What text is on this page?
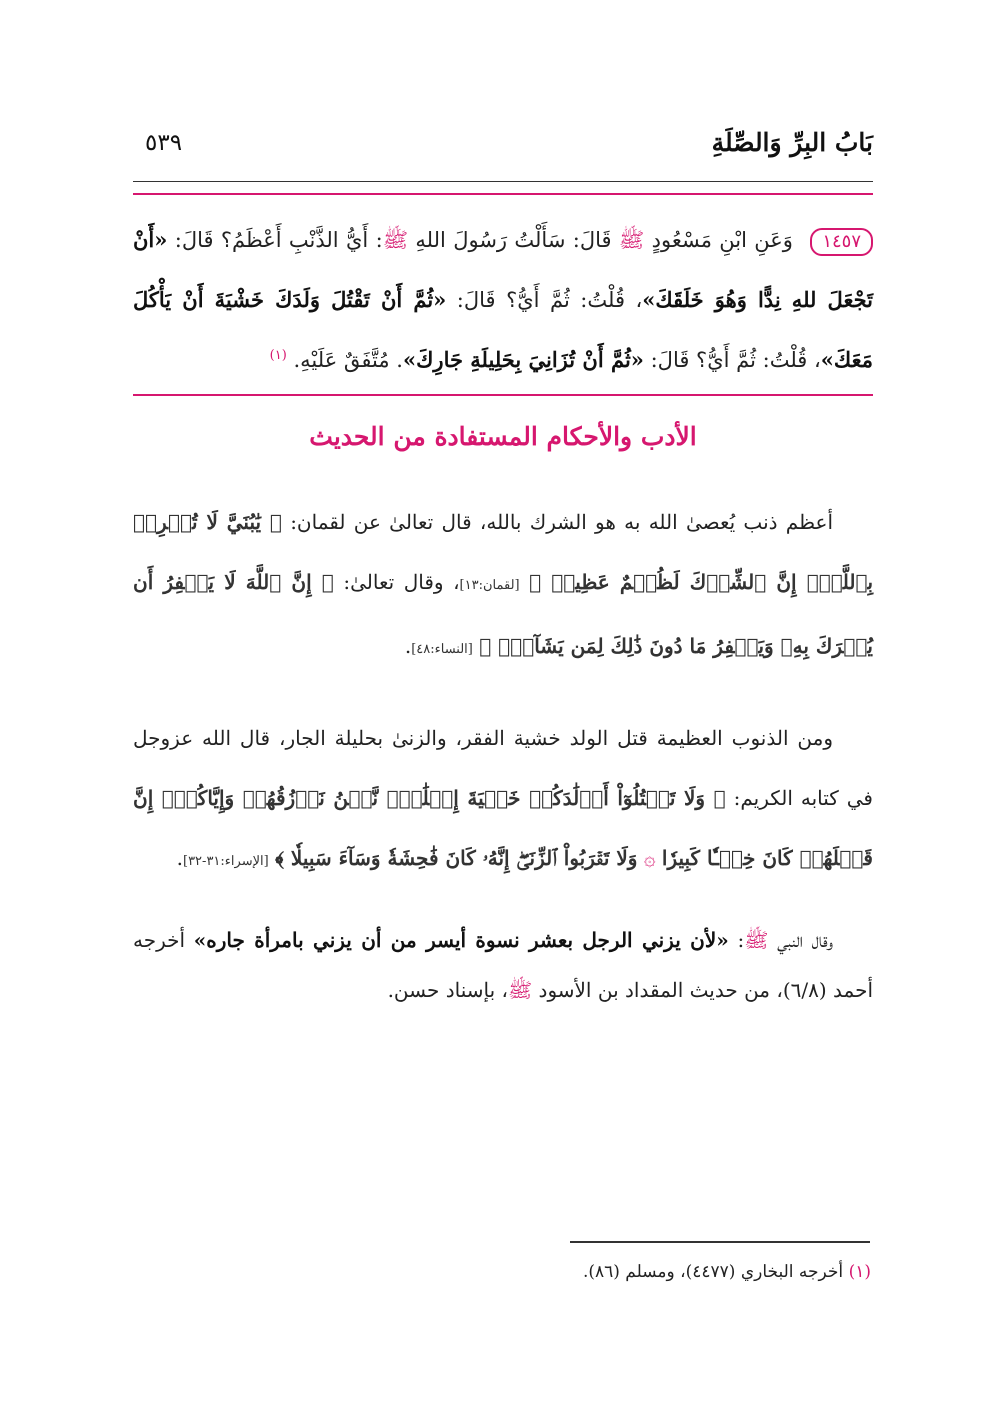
بَابُ البِرِّ وَالصِّلَةِ
٥٣٩
١٤٥٧ وَعَنِ ابْنِ مَسْعُودٍ ﷺ قَالَ: سَأَلْتُ رَسُولَ اللهِ ﷺ: أَيُّ الذَّنْبِ أَعْظَمُ؟ قَالَ: «أَنْ تَجْعَلَ للهِ نِدًّا وَهُوَ خَلَقَكَ»، قُلْتُ: ثُمَّ أَيُّ؟ قَالَ: «ثُمَّ أَنْ تَقْتُلَ وَلَدَكَ خَشْيَةَ أَنْ يَأْكُلَ مَعَكَ»، قُلْتُ: ثُمَّ أَيُّ؟ قَالَ: «ثُمَّ أَنْ تُزَانِيَ بِحَلِيلَةِ جَارِكَ». مُتَّفَقٌ عَلَيْهِ. $^{(١)}$
الأدب والأحكام المستفادة من الحديث
أعظم ذنب يُعصىٰ الله به هو الشرك بالله، قال تعالىٰ عن لقمان: ﴿ يَٰبُنَيَّ لَا تُشۡرِكۡ بِٱللَّهِۖ إِنَّ ٱلشِّرۡكَ لَظُلۡمٌ عَظِيمٞ ﴾ [لقمان:١٣]، وقال تعالىٰ: ﴿ إِنَّ ٱللَّهَ لَا يَغۡفِرُ أَن يُشۡرَكَ بِهِۦ وَيَغۡفِرُ مَا دُونَ ذَٰلِكَ لِمَن يَشَآءُۚ ﴾ [النساء:٤٨].
ومن الذنوب العظيمة قتل الولد خشية الفقر، والزنىٰ بحليلة الجار، قال الله عزوجل في كتابه الكريم: ﴿ وَلَا تَقۡتُلُوٓاْ أَوۡلَٰدَكُمۡ خَشۡيَةَ إِمۡلَٰقٖۖ نَّحۡنُ نَرۡزُقُهُمۡ وَإِيَّاكُمۡۚ إِنَّ قَتۡلَهُمۡ كَانَ خِطۡـٔٗا كَبِيرٗا ۞ وَلَا تَقۡرَبُواْ ٱلزِّنَىٰٓۖ إِنَّهُۥ كَانَ فَٰحِشَةٗ وَسَآءَ سَبِيلٗا ﴾ [الإسراء:٣١-٣٢].
وقال النبي ﷺ: «لأن يزني الرجل بعشر نسوة أيسر من أن يزني بامرأة جاره» أخرجه أحمد (٦/٨)، من حديث المقداد بن الأسود ﷺ، بإسناد حسن.
(١) أخرجه البخاري (٤٤٧٧)، ومسلم (٨٦).
